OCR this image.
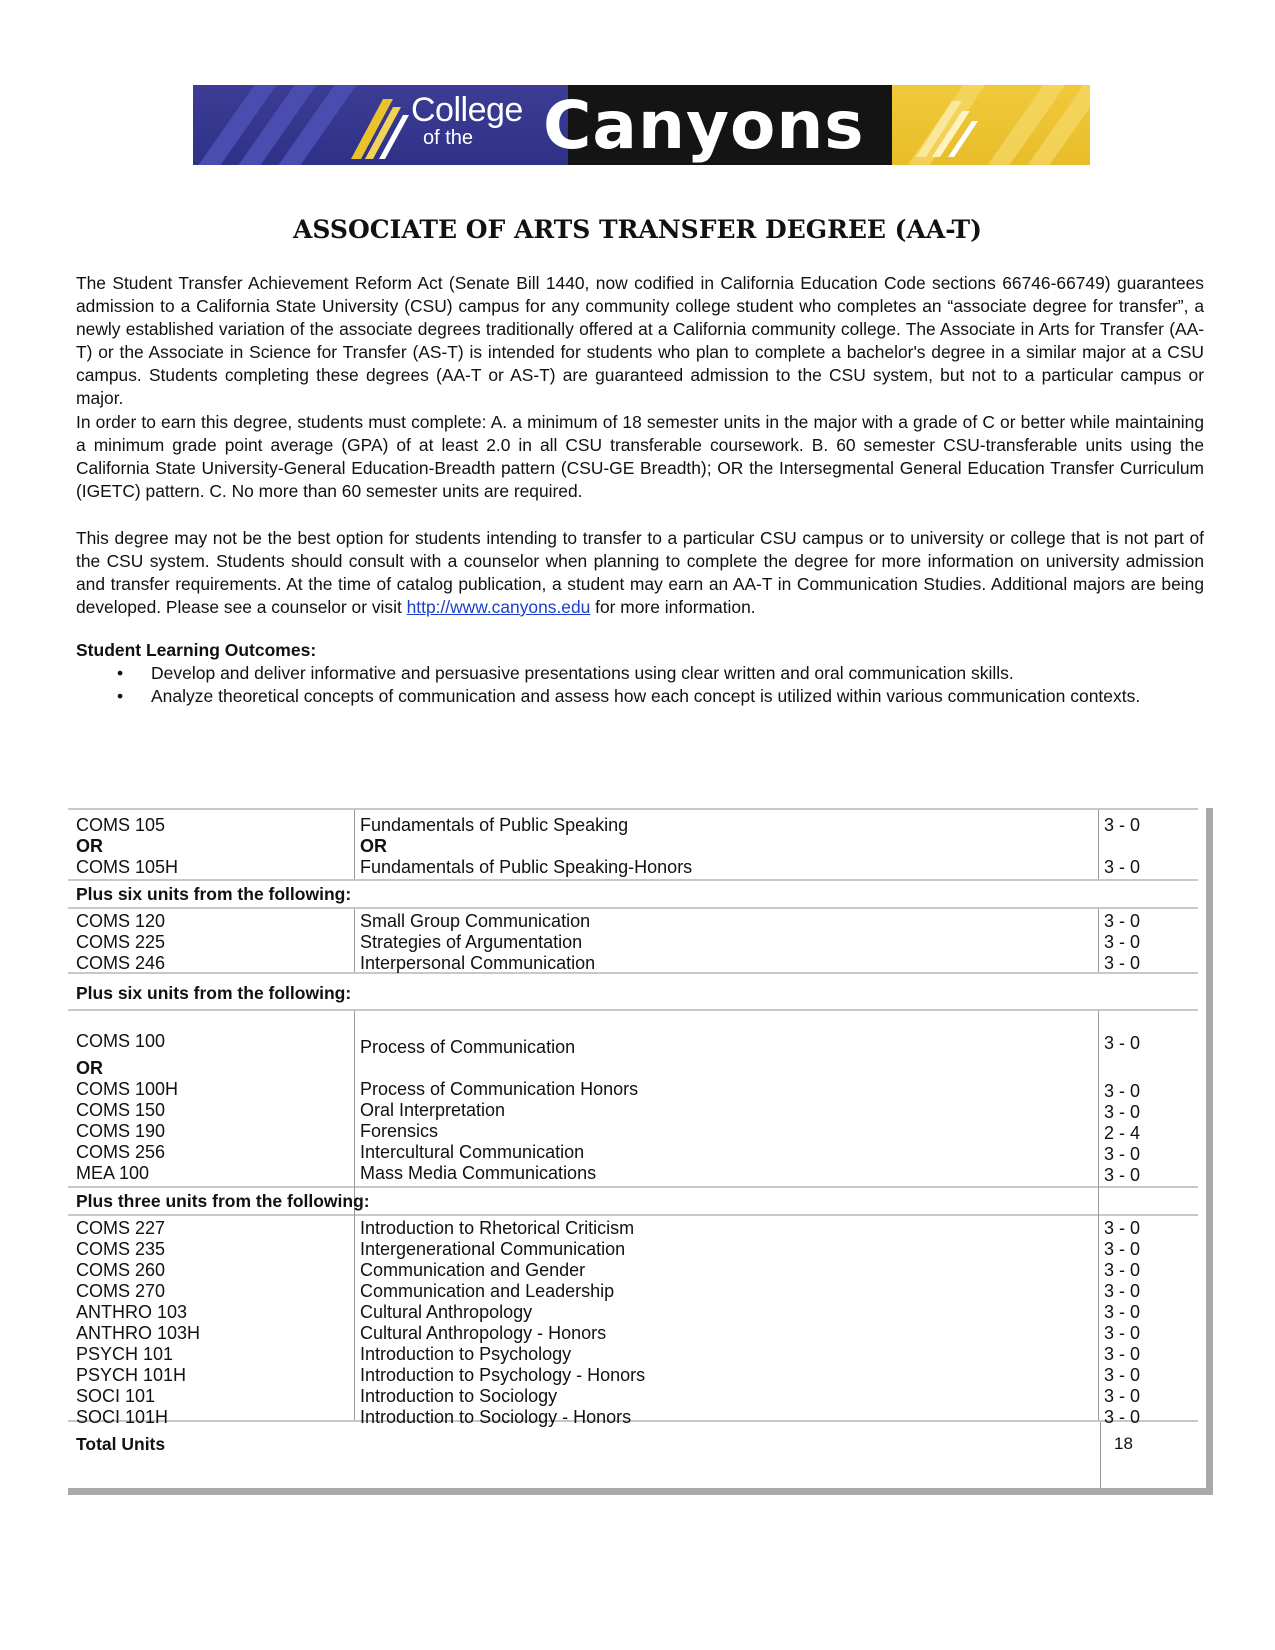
College
of the Canyons
ASSOCIATE OF ARTS TRANSFER DEGREE (AA-T)
The Student Transfer Achievement Reform Act (Senate Bill 1440, now codified in California Education Code sections 66746-66749) guarantees admission to a California State University (CSU) campus for any community college student who completes an “associate degree for transfer”, a newly established variation of the associate degrees traditionally offered at a California community college. The Associate in Arts for Transfer (AA-T) or the Associate in Science for Transfer (AS-T) is intended for students who plan to complete a bachelor's degree in a similar major at a CSU campus. Students completing these degrees (AA-T or AS-T) are guaranteed admission to the CSU system, but not to a particular campus or major.
In order to earn this degree, students must complete: A. a minimum of 18 semester units in the major with a grade of C or better while maintaining a minimum grade point average (GPA) of at least 2.0 in all CSU transferable coursework. B. 60 semester CSU-transferable units using the California State University-General Education-Breadth pattern (CSU-GE Breadth); OR the Intersegmental General Education Transfer Curriculum (IGETC) pattern. C. No more than 60 semester units are required.
This degree may not be the best option for students intending to transfer to a particular CSU campus or to university or college that is not part of the CSU system. Students should consult with a counselor when planning to complete the degree for more information on university admission and transfer requirements. At the time of catalog publication, a student may earn an AA-T in Communication Studies. Additional majors are being developed. Please see a counselor or visit http://www.canyons.edu for more information.
Student Learning Outcomes:
• Develop and deliver informative and persuasive presentations using clear written and oral communication skills.
• Analyze theoretical concepts of communication and assess how each concept is utilized within various communication contexts.
COMS 105	Fundamentals of Public Speaking	3 - 0
OR	OR
COMS 105H	Fundamentals of Public Speaking-Honors	3 - 0
Plus six units from the following:
COMS 120	Small Group Communication	3 - 0
COMS 225	Strategies of Argumentation	3 - 0
COMS 246	Interpersonal Communication	3 - 0
Plus six units from the following:
COMS 100	Process of Communication	3 - 0
OR
COMS 100H	Process of Communication Honors	3 - 0
COMS 150	Oral Interpretation	3 - 0
COMS 190	Forensics	2 - 4
COMS 256	Intercultural Communication	3 - 0
MEA 100	Mass Media Communications	3 - 0
Plus three units from the following:
COMS 227	Introduction to Rhetorical Criticism	3 - 0
COMS 235	Intergenerational Communication	3 - 0
COMS 260	Communication and Gender	3 - 0
COMS 270	Communication and Leadership	3 - 0
ANTHRO 103	Cultural Anthropology	3 - 0
ANTHRO 103H	Cultural Anthropology - Honors	3 - 0
PSYCH 101	Introduction to Psychology	3 - 0
PSYCH 101H	Introduction to Psychology - Honors	3 - 0
SOCI 101	Introduction to Sociology	3 - 0
SOCI 101H	Introduction to Sociology - Honors	3 - 0
Total Units	18
